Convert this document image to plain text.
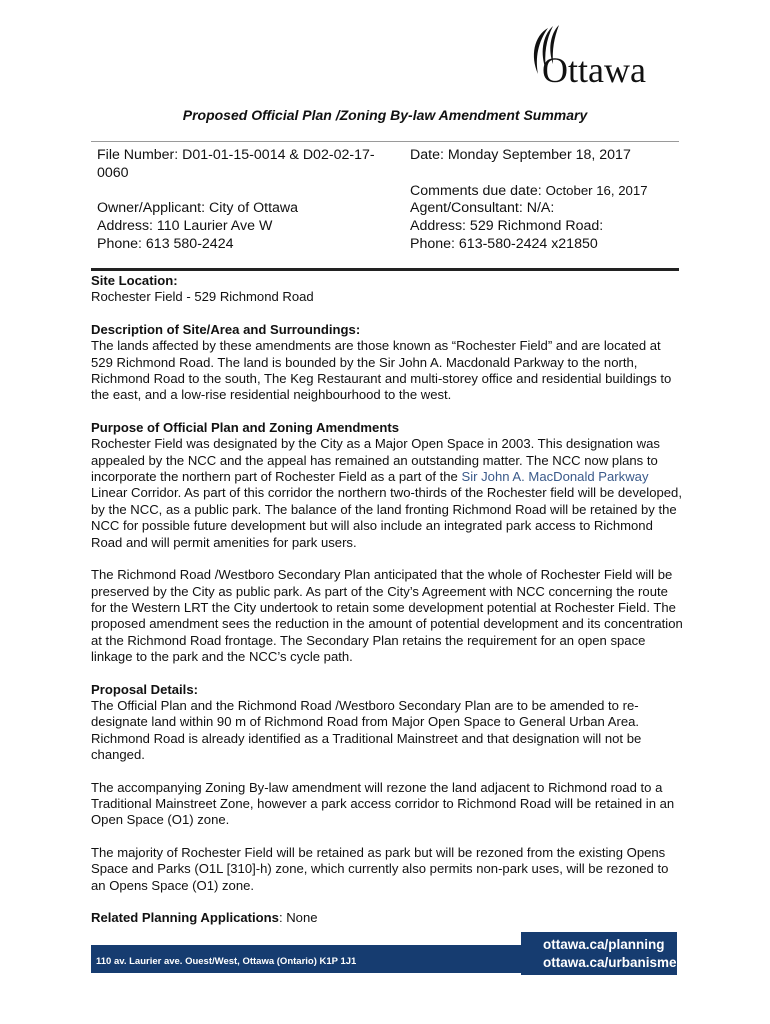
Ottawa
Proposed Official Plan /Zoning By-law Amendment Summary
File Number: D01-01-15-0014 & D02-02-17-
0060
Owner/Applicant: City of Ottawa
Address: 110 Laurier Ave W
Phone: 613 580-2424
Date: Monday September 18, 2017
Comments due date: October 16, 2017
Agent/Consultant: N/A:
Address: 529 Richmond Road:
Phone: 613-580-2424 x21850

Site Location:
Rochester Field - 529 Richmond Road

Description of Site/Area and Surroundings:
The lands affected by these amendments are those known as “Rochester Field” and are located at 529 Richmond Road. The land is bounded by the Sir John A. Macdonald Parkway to the north, Richmond Road to the south, The Keg Restaurant and multi-storey office and residential buildings to the east, and a low-rise residential neighbourhood to the west.

Purpose of Official Plan and Zoning Amendments
Rochester Field was designated by the City as a Major Open Space in 2003. This designation was appealed by the NCC and the appeal has remained an outstanding matter. The NCC now plans to incorporate the northern part of Rochester Field as a part of the Sir John A. MacDonald Parkway Linear Corridor. As part of this corridor the northern two-thirds of the Rochester field will be developed, by the NCC, as a public park. The balance of the land fronting Richmond Road will be retained by the NCC for possible future development but will also include an integrated park access to Richmond Road and will permit amenities for park users.

The Richmond Road /Westboro Secondary Plan anticipated that the whole of Rochester Field will be preserved by the City as public park. As part of the City’s Agreement with NCC concerning the route for the Western LRT the City undertook to retain some development potential at Rochester Field. The proposed amendment sees the reduction in the amount of potential development and its concentration at the Richmond Road frontage. The Secondary Plan retains the requirement for an open space linkage to the park and the NCC’s cycle path.

Proposal Details:
The Official Plan and the Richmond Road /Westboro Secondary Plan are to be amended to re-designate land within 90 m of Richmond Road from Major Open Space to General Urban Area. Richmond Road is already identified as a Traditional Mainstreet and that designation will not be changed.

The accompanying Zoning By-law amendment will rezone the land adjacent to Richmond road to a Traditional Mainstreet Zone, however a park access corridor to Richmond Road will be retained in an Open Space (O1) zone.

The majority of Rochester Field will be retained as park but will be rezoned from the existing Opens Space and Parks (O1L [310]-h) zone, which currently also permits non-park uses, will be rezoned to an Opens Space (O1) zone.

Related Planning Applications: None

110 av. Laurier ave. Ouest/West, Ottawa (Ontario) K1P 1J1
ottawa.ca/planning
ottawa.ca/urbanisme
